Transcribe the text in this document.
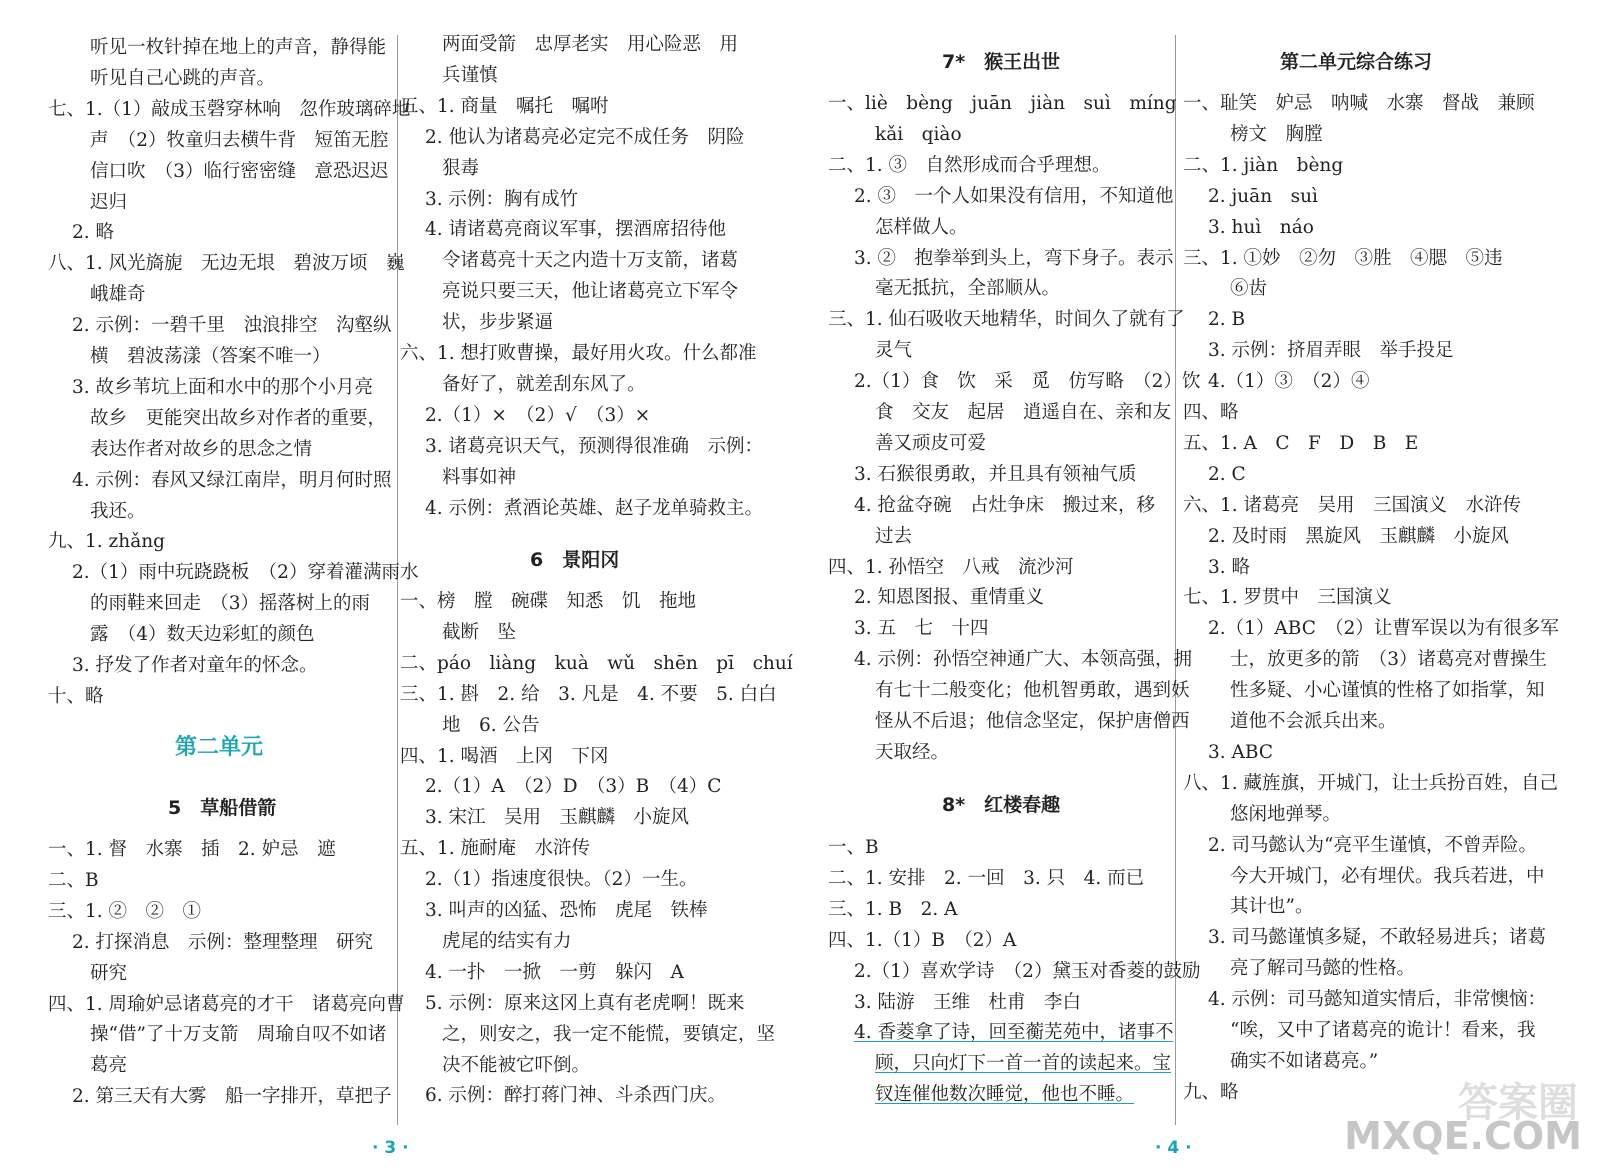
听见一枚针掉在地上的声音，静得能
听见自己心跳的声音。
七、1.（1）敲成玉磬穿林响　忽作玻璃碎地
声　（2）牧童归去横牛背　短笛无腔
信口吹　（3）临行密密缝　意恐迟迟
迟归
2. 略
八、1. 风光旖旎　无边无垠　碧波万顷　巍
峨雄奇
2. 示例：一碧千里　浊浪排空　沟壑纵
横　碧波荡漾（答案不唯一）
3. 故乡苇坑上面和水中的那个小月亮
故乡　更能突出故乡对作者的重要，
表达作者对故乡的思念之情
4. 示例：春风又绿江南岸，明月何时照
我还。
九、1. zhǎng
2.（1）雨中玩跷跷板　（2）穿着灌满雨水
的雨鞋来回走　（3）摇落树上的雨
露　（4）数天边彩虹的颜色
3. 抒发了作者对童年的怀念。
十、略
一、1. 督　水寨　插　2. 妒忌　遮
二、B
三、1. ②　②　①
2. 打探消息　示例：整理整理　研究
研究
四、1. 周瑜妒忌诸葛亮的才干　诸葛亮向曹
操“借”了十万支箭　周瑜自叹不如诸
葛亮
2. 第三天有大雾　船一字排开，草把子
两面受箭　忠厚老实　用心险恶　用
兵谨慎
五、1. 商量　嘱托　嘱咐
2. 他认为诸葛亮必定完不成任务　阴险
狠毒
3. 示例：胸有成竹
4. 请诸葛亮商议军事，摆酒席招待他
令诸葛亮十天之内造十万支箭，诸葛
亮说只要三天，他让诸葛亮立下军令
状，步步紧逼
六、1. 想打败曹操，最好用火攻。什么都准
备好了，就差刮东风了。
2.（1）×　（2）√　（3）×
3. 诸葛亮识天气，预测得很准确　示例：
料事如神
4. 示例：煮酒论英雄、赵子龙单骑救主。
一、榜　膛　碗碟　知悉　饥　拖地
截断　坠
二、páo　liàng　kuà　wǔ　shēn　pī　chuí
三、1. 斟　2. 给　3. 凡是　4. 不要　5. 白白
地　6. 公告
四、1. 喝酒　上冈　下冈
2.（1）A　（2）D　（3）B　（4）C
3. 宋江　吴用　玉麒麟　小旋风
五、1. 施耐庵　水浒传
2.（1）指速度很快。（2）一生。
3. 叫声的凶猛、恐怖　虎尾　铁棒
虎尾的结实有力
4. 一扑　一掀　一剪　躲闪　A
5. 示例：原来这冈上真有老虎啊！既来
之，则安之，我一定不能慌，要镇定，坚
决不能被它吓倒。
6. 示例：醉打蒋门神、斗杀西门庆。
一、liè　bèng　juān　jiàn　suì　míng
kǎi　qiào
二、1. ③　自然形成而合乎理想。
2. ③　一个人如果没有信用，不知道他
怎样做人。
3. ②　抱拳举到头上，弯下身子。表示
毫无抵抗，全部顺从。
三、1. 仙石吸收天地精华，时间久了就有了
灵气
2.（1）食　饮　采　觅　仿写略　（2）饮
食　交友　起居　逍遥自在、亲和友
善又顽皮可爱
3. 石猴很勇敢，并且具有领袖气质
4. 抢盆夺碗　占灶争床　搬过来，移
过去
四、1. 孙悟空　八戒　流沙河
2. 知恩图报、重情重义
3. 五　七　十四
4. 示例：孙悟空神通广大、本领高强，拥
有七十二般变化；他机智勇敢，遇到妖
怪从不后退；他信念坚定，保护唐僧西
天取经。
一、B
二、1. 安排　2. 一回　3. 只　4. 而已
三、1. B　2. A
四、1.（1）B　（2）A
2.（1）喜欢学诗　（2）黛玉对香菱的鼓励
3. 陆游　王维　杜甫　李白
4. 香菱拿了诗，回至蘅芜苑中，诸事不
顾，只向灯下一首一首的读起来。宝
钗连催他数次睡觉，他也不睡。
一、耻笑　妒忌　呐喊　水寨　督战　兼顾
榜文　胸膛
二、1. jiàn　bèng
2. juān　suì
3. huì　náo
三、1. ①妙　②勿　③胜　④腮　⑤违
⑥齿
2. B
3. 示例：挤眉弄眼　举手投足
4.（1）③　（2）④
四、略
五、1. A　C　F　D　B　E
2. C
六、1. 诸葛亮　吴用　三国演义　水浒传
2. 及时雨　黑旋风　玉麒麟　小旋风
3. 略
七、1. 罗贯中　三国演义
2.（1）ABC　（2）让曹军误以为有很多军
士，放更多的箭　（3）诸葛亮对曹操生
性多疑、小心谨慎的性格了如指掌，知
道他不会派兵出来。
3. ABC
八、1. 藏旌旗，开城门，让士兵扮百姓，自己
悠闲地弹琴。
2. 司马懿认为“亮平生谨慎，不曾弄险。
今大开城门，必有埋伏。我兵若进，中
其计也”。
3. 司马懿谨慎多疑，不敢轻易进兵；诸葛
亮了解司马懿的性格。
4. 示例：司马懿知道实情后，非常懊恼：
“唉，又中了诸葛亮的诡计！看来，我
确实不如诸葛亮。”
九、略
第二单元
5　草船借箭
6　景阳冈
7*　猴王出世
8*　红楼春趣
第二单元综合练习
· 3 ·	· 4 ·
答案圈
MXQE.COM
